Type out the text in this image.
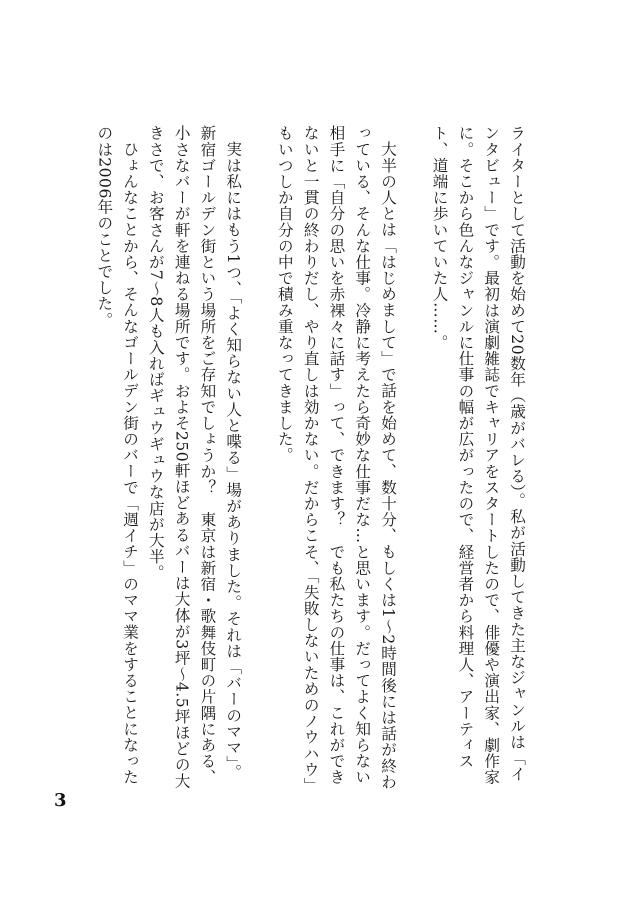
ライターとして活動を始めて20数年（歳がバレる）。私が活動してきた主なジャンルは「インタビュー」です。最初は演劇雑誌でキャリアをスタートしたので、俳優や演出家、劇作家に。そこから色んなジャンルに仕事の幅が広がったので、経営者から料理人、アーティスト、道端に歩いていた人……。

大半の人とは「はじめまして」で話を始めて、数十分、もしくは1～2時間後には話が終わっている、そんな仕事。冷静に考えたら奇妙な仕事だな…と思います。だってよく知らない相手に「自分の思いを赤裸々に話す」って、できます？　でも私たちの仕事は、これができないと一貫の終わりだし、やり直しは効かない。だからこそ、「失敗しないためのノウハウ」もいつしか自分の中で積み重なってきました。

実は私にはもう1つ、「よく知らない人と喋る」場がありました。それは「バーのママ」。新宿ゴールデン街という場所をご存知でしょうか？　東京は新宿・歌舞伎町の片隅にある、小さなバーが軒を連ねる場所です。およそ250軒ほどあるバーは大体が3坪～4.5坪ほどの大きさで、お客さんが7～8人も入ればギュウギュウな店が大半。

ひょんなことから、そんなゴールデン街のバーで「週イチ」のママ業をすることになったのは2006年のことでした。

3
